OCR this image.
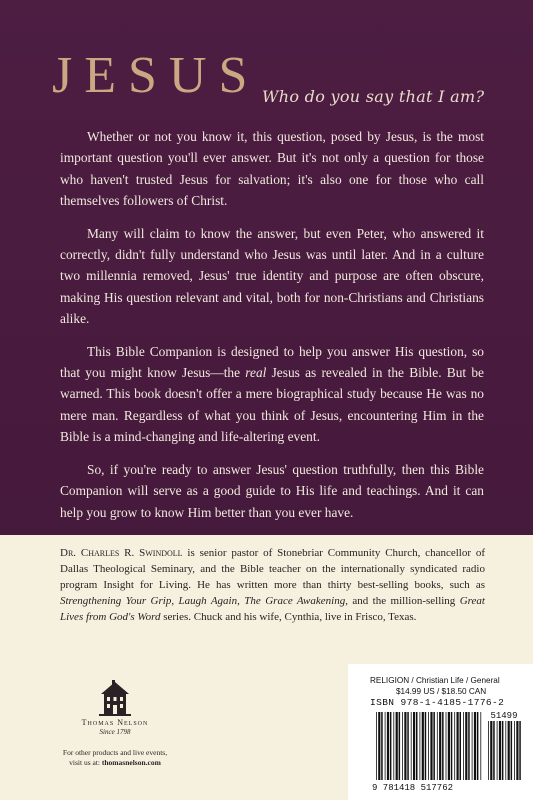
JESUS Who do you say that I am?

Whether or not you know it, this question, posed by Jesus, is the most important question you'll ever answer. But it's not only a question for those who haven't trusted Jesus for salvation; it's also one for those who call themselves followers of Christ.

Many will claim to know the answer, but even Peter, who answered it correctly, didn't fully understand who Jesus was until later. And in a culture two millennia removed, Jesus' true identity and purpose are often obscure, making His question relevant and vital, both for non-Christians and Christians alike.

This Bible Companion is designed to help you answer His question, so that you might know Jesus—the real Jesus as revealed in the Bible. But be warned. This book doesn't offer a mere biographical study because He was no mere man. Regardless of what you think of Jesus, encountering Him in the Bible is a mind-changing and life-altering event.

So, if you're ready to answer Jesus' question truthfully, then this Bible Companion will serve as a good guide to His life and teachings. And it can help you grow to know Him better than you ever have.

Dr. Charles R. Swindoll is senior pastor of Stonebriar Community Church, chancellor of Dallas Theological Seminary, and the Bible teacher on the internationally syndicated radio program Insight for Living. He has written more than thirty best-selling books, such as Strengthening Your Grip, Laugh Again, The Grace Awakening, and the million-selling Great Lives from God's Word series. Chuck and his wife, Cynthia, live in Frisco, Texas.
Thomas Nelson
Since 1798
For other products and live events,
visit us at: thomasnelson.com
RELIGION / Christian Life / General
$14.99 US / $18.50 CAN
ISBN 978-1-4185-1776-2
51499
9 781418 517762
